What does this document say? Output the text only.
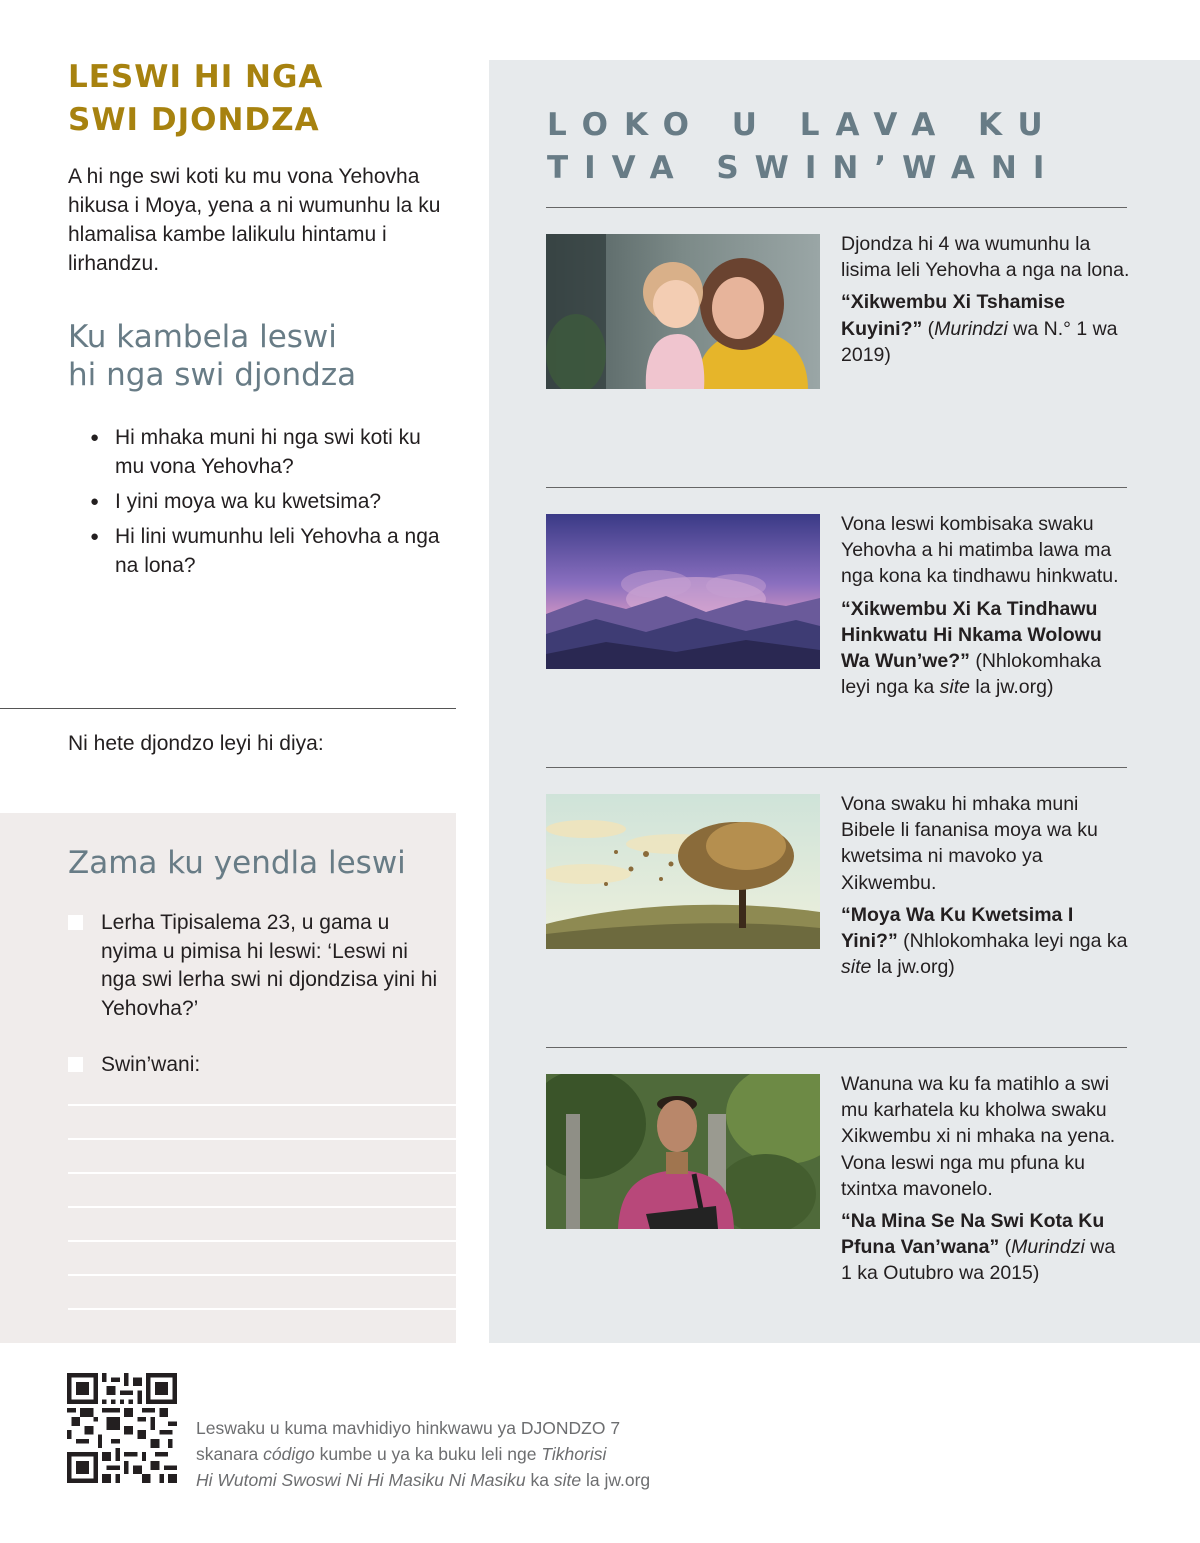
LESWI HI NGA
SWI DJONDZA

A hi nge swi koti ku mu vona Yehovha hikusa i Moya, yena a ni wumunhu la ku hlamalisa kambe lalikulu hintamu i lirhandzu.

Ku kambela leswi
hi nga swi djondza
● Hi mhaka muni hi nga swi koti ku mu vona Yehovha?
● I yini moya wa ku kwetsima?
● Hi lini wumunhu leli Yehovha a nga na lona?

Ni hete djondzo leyi hi diya:

Zama ku yendla leswi
Lerha Tipisalema 23, u gama u nyima u pimisa hi leswi: ‘Leswi ni nga swi lerha swi ni djondzisa yini hi Yehovha?’
Swin’wani:
LOKO U LAVA KU
TIVA SWIN’WANI

Djondza hi 4 wa wumunhu la lisima leli Yehovha a nga na lona.

“Xikwembu Xi Tshamise Kuyini?” (Murindzi wa N.° 1 wa 2019)

Vona leswi kombisaka swaku Yehovha a hi matimba lawa ma nga kona ka tindhawu hinkwatu.

“Xikwembu Xi Ka Tindhawu Hinkwatu Hi Nkama Wolowu Wa Wun’we?” (Nhlokomhaka leyi nga ka site la jw.org)

Vona swaku hi mhaka muni Bibele li fananisa moya wa ku kwetsima ni mavoko ya Xikwembu.

“Moya Wa Ku Kwetsima I Yini?” (Nhlokomhaka leyi nga ka site la jw.org)

Wanuna wa ku fa matihlo a swi mu karhatela ku kholwa swaku Xikwembu xi ni mhaka na yena. Vona leswi nga mu pfuna ku txintxa mavonelo.

“Na Mina Se Na Swi Kota Ku Pfuna Van’wana” (Murindzi wa 1 ka Outubro wa 2015)

Leswaku u kuma mavhidiyo hinkwawu ya DJONDZO 7
skanara código kumbe u ya ka buku leli nge Tikhorisi
Hi Wutomi Swoswi Ni Hi Masiku Ni Masiku ka site la jw.org
